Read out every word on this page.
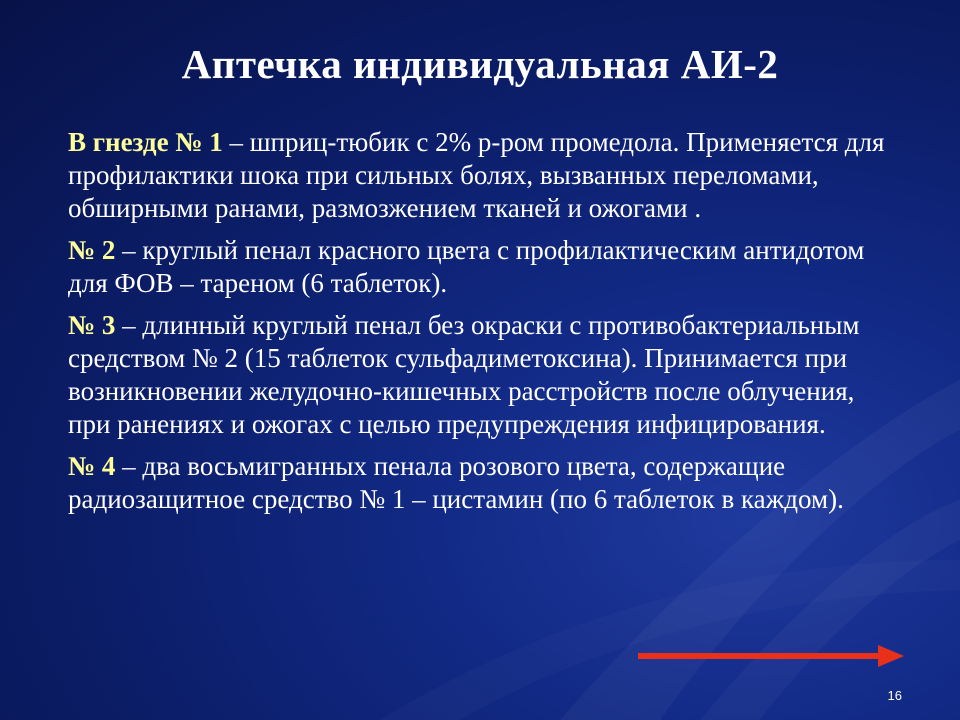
Аптечка индивидуальная АИ-2

В гнезде № 1 – шприц-тюбик с 2% р-ром промедола. Применяется для профилактики шока при сильных болях, вызванных переломами, обширными ранами, размозжением тканей и ожогами .

№ 2 – круглый пенал красного цвета с профилактическим антидотом для ФОВ – тареном (6 таблеток).

№ 3 – длинный круглый пенал без окраски с противобактериальным средством № 2 (15 таблеток сульфадиметоксина). Принимается при возникновении желудочно-кишечных расстройств после облучения, при ранениях и ожогах с целью предупреждения инфицирования.

№ 4 – два восьмигранных пенала розового цвета, содержащие радиозащитное средство № 1 – цистамин (по 6 таблеток в каждом).

16
